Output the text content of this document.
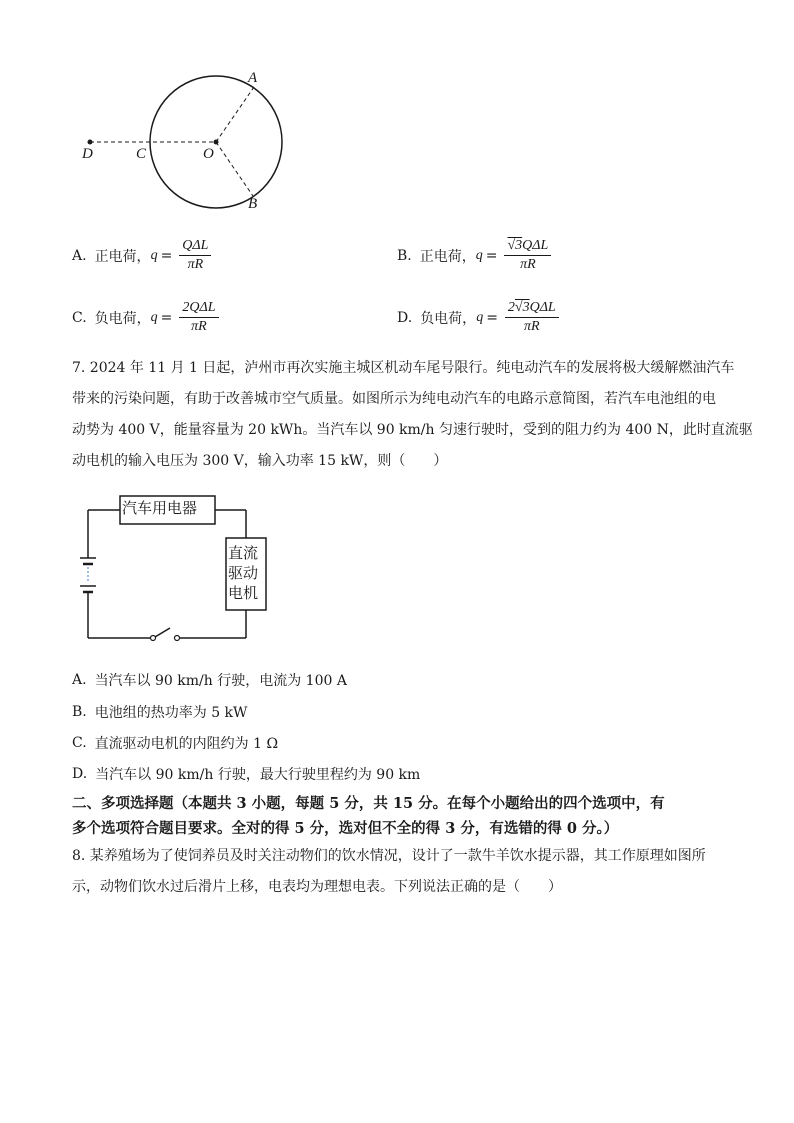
A
B
C
D	O
A. 正电荷， $q = \frac{\text{QΔL}}{\pi R}$	B. 正电荷， $q = \frac{\text{√3QΔL}}{\pi R}$
C. 负电荷， $q = \frac{\text{2QΔL}}{\pi R}$	D. 负电荷， $q = \frac{\text{2√3QΔL}}{\pi R}$
7. 2024 年 11 月 1 日起，泸州市再次实施主城区机动车尾号限行。纯电动汽车的发展将极大缓解燃油汽车
带来的污染问题，有助于改善城市空气质量。如图所示为纯电动汽车的电路示意简图，若汽车电池组的电
动势为 400 V，能量容量为 20 kWh。当汽车以 90 km/h 匀速行驶时，受到的阻力约为 400 N，此时直流驱
动电机的输入电压为 300 V，输入功率 15 kW，则（　　）
汽车用电器
直流
驱动
电机
A. 当汽车以 90 km/h 行驶，电流为 100 A
B. 电池组的热功率为 5 kW
C. 直流驱动电机的内阻约为 1 Ω
D. 当汽车以 90 km/h 行驶，最大行驶里程约为 90 km
二、多项选择题（本题共 3 小题，每题 5 分，共 15 分。在每个小题给出的四个选项中，有
多个选项符合题目要求。全对的得 5 分，选对但不全的得 3 分，有选错的得 0 分。）
8. 某养殖场为了使饲养员及时关注动物们的饮水情况，设计了一款牛羊饮水提示器，其工作原理如图所
示，动物们饮水过后滑片上移，电表均为理想电表。下列说法正确的是（　　）
